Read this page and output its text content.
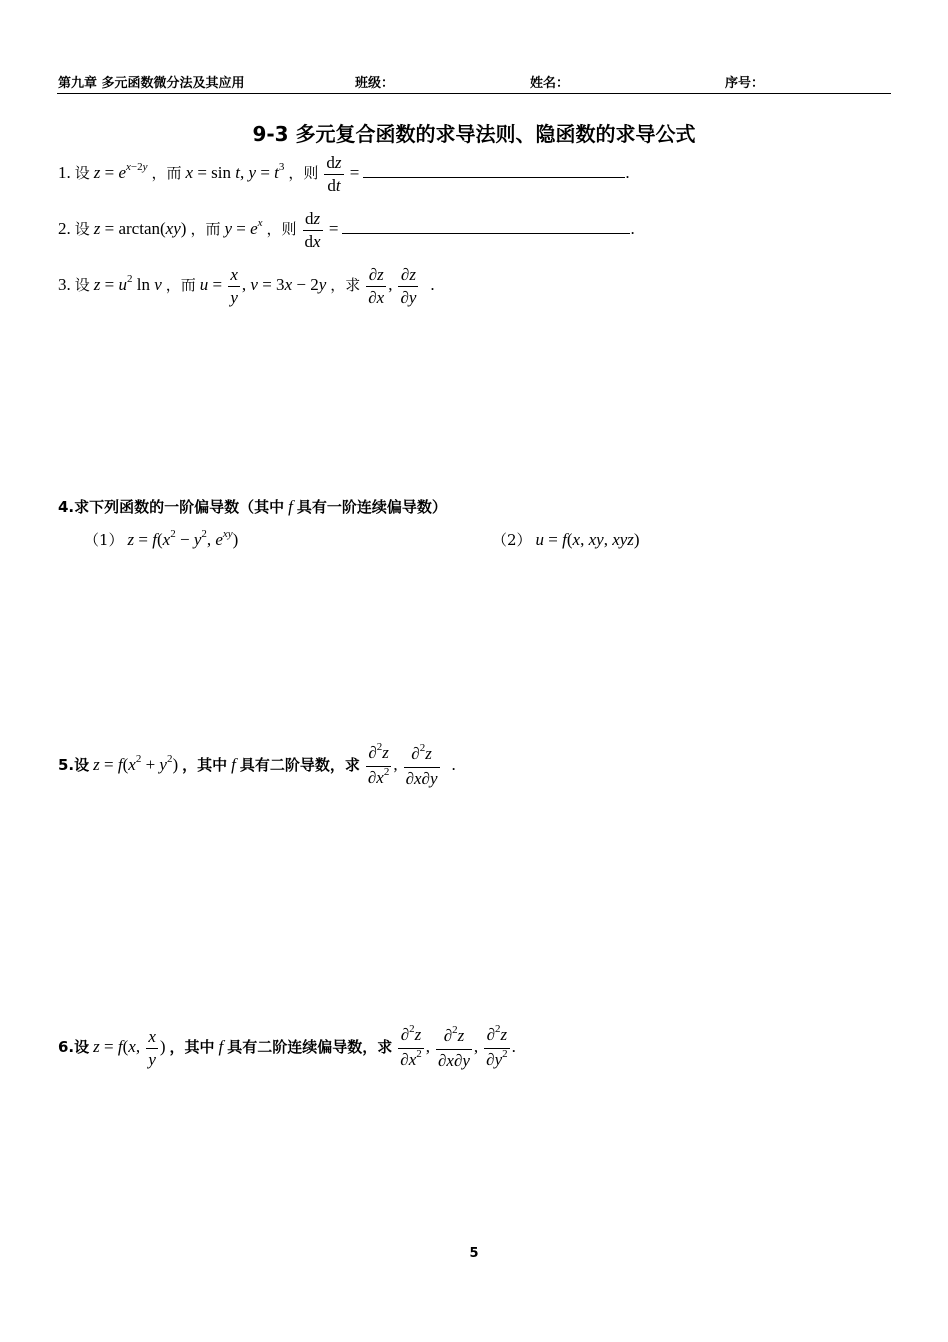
第九章 多元函数微分法及其应用	班级：	姓名：	序号：
9-3 多元复合函数的求导法则、隐函数的求导公式
1. 设 $z = e^{x-2y}$ ，而 x = sin t, $y = t^3$ ，则 $\frac{dz}{dt}$ =	.
2. 设 z = arctan(xy) ，而 $y = e^x$ ，则 $\frac{dz}{dx}$ =	.
3. 设 $z = u^2$ ln v ，而 $u = \frac{x}{y}$ , v = 3x − 2y ，求 $\frac{\partial z}{\partial x}$ , $\frac{\partial z}{\partial y}$ .
4.求下列函数的一阶偏导数（其中 f 具有一阶连续偏导数）
（1） $z = f(x^2 - y^2$, $e^{xy}$)	（2） u = f(x, xy, xyz)
5.设 $z = f(x^2 + y^2)$ ，其中 f 具有二阶导数，求 $\frac{\partial^2z}{\partial x^2}$ , $\frac{\partial^2z}{\partial x\partial y}$ .
6.设 z = f(x, $\frac{x}{y}$ ) ，其中 f 具有二阶连续偏导数，求 $\frac{\partial^2z}{\partial x^2}$ , $\frac{\partial^2z}{\partial x\partial y}$ , $\frac{\partial^2z}{\partial y^2}$ .
5
